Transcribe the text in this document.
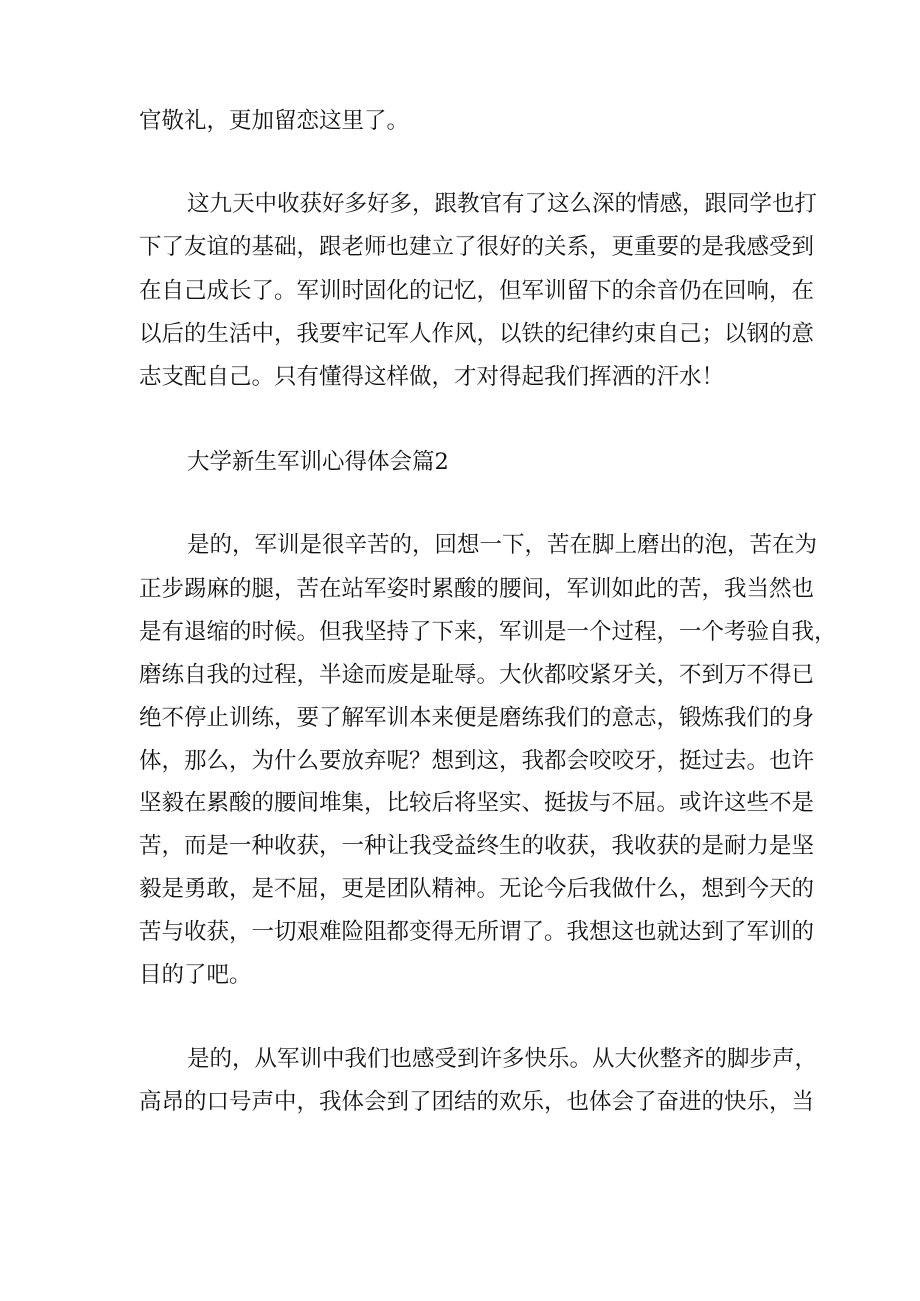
官敬礼，更加留恋这里了。
这九天中收获好多好多，跟教官有了这么深的情感，跟同学也打
下了友谊的基础，跟老师也建立了很好的关系，更重要的是我感受到
在自己成长了。军训时固化的记忆，但军训留下的余音仍在回响，在
以后的生活中，我要牢记军人作风，以铁的纪律约束自己；以钢的意
志支配自己。只有懂得这样做，才对得起我们挥洒的汗水！
大学新生军训心得体会篇2
是的，军训是很辛苦的，回想一下，苦在脚上磨出的泡，苦在为
正步踢麻的腿，苦在站军姿时累酸的腰间，军训如此的苦，我当然也
是有退缩的时候。但我坚持了下来，军训是一个过程，一个考验自我，
磨练自我的过程，半途而废是耻辱。大伙都咬紧牙关，不到万不得已
绝不停止训练，要了解军训本来便是磨练我们的意志，锻炼我们的身
体，那么，为什么要放弃呢？想到这，我都会咬咬牙，挺过去。也许
坚毅在累酸的腰间堆集，比较后将坚实、挺拔与不屈。或许这些不是
苦，而是一种收获，一种让我受益终生的收获，我收获的是耐力是坚
毅是勇敢，是不屈，更是团队精神。无论今后我做什么，想到今天的
苦与收获，一切艰难险阻都变得无所谓了。我想这也就达到了军训的
目的了吧。
是的，从军训中我们也感受到许多快乐。从大伙整齐的脚步声，
高昂的口号声中，我体会到了团结的欢乐，也体会了奋进的快乐，当
